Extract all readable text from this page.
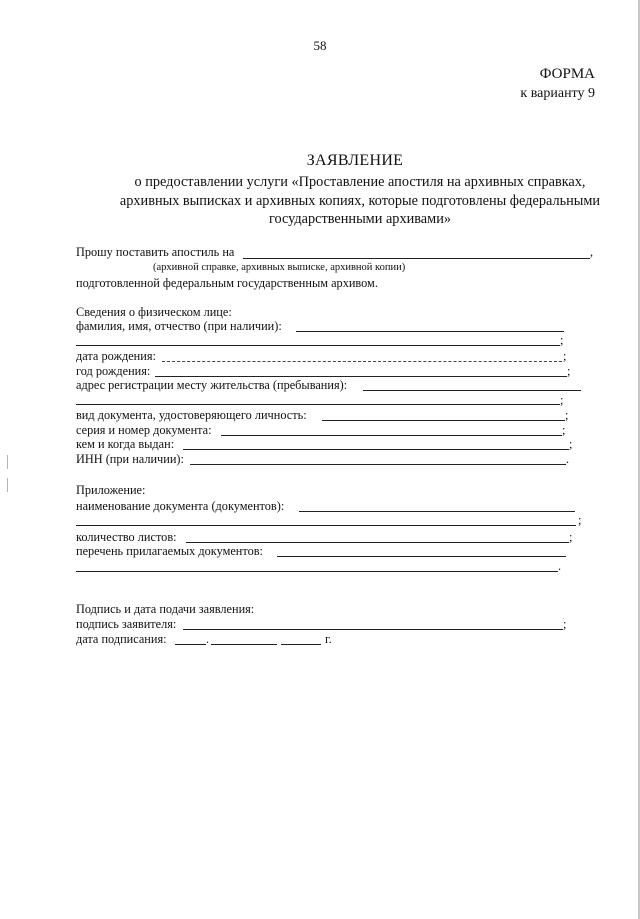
58
ФОРМА
к варианту 9
ЗАЯВЛЕНИЕ
о предоставлении услуги «Проставление апостиля на архивных справках,
архивных выписках и архивных копиях, которые подготовлены федеральными
государственными архивами»
Прошу поставить апостиль на	,
(архивной справке, архивных выписке, архивной копии)
подготовленной федеральным государственным архивом.
Сведения о физическом лице:
фамилия, имя, отчество (при наличии):
;
дата рождения:	;
год рождения:	;
адрес регистрации месту жительства (пребывания):
;
вид документа, удостоверяющего личность:	;
серия и номер документа:	;
кем и когда выдан:	;
ИНН (при наличии):	.
Приложение:
наименование документа (документов):
;
количество листов:	;
перечень прилагаемых документов:
.
Подпись и дата подачи заявления:
подпись заявителя:	;
дата подписания:	.	г.
